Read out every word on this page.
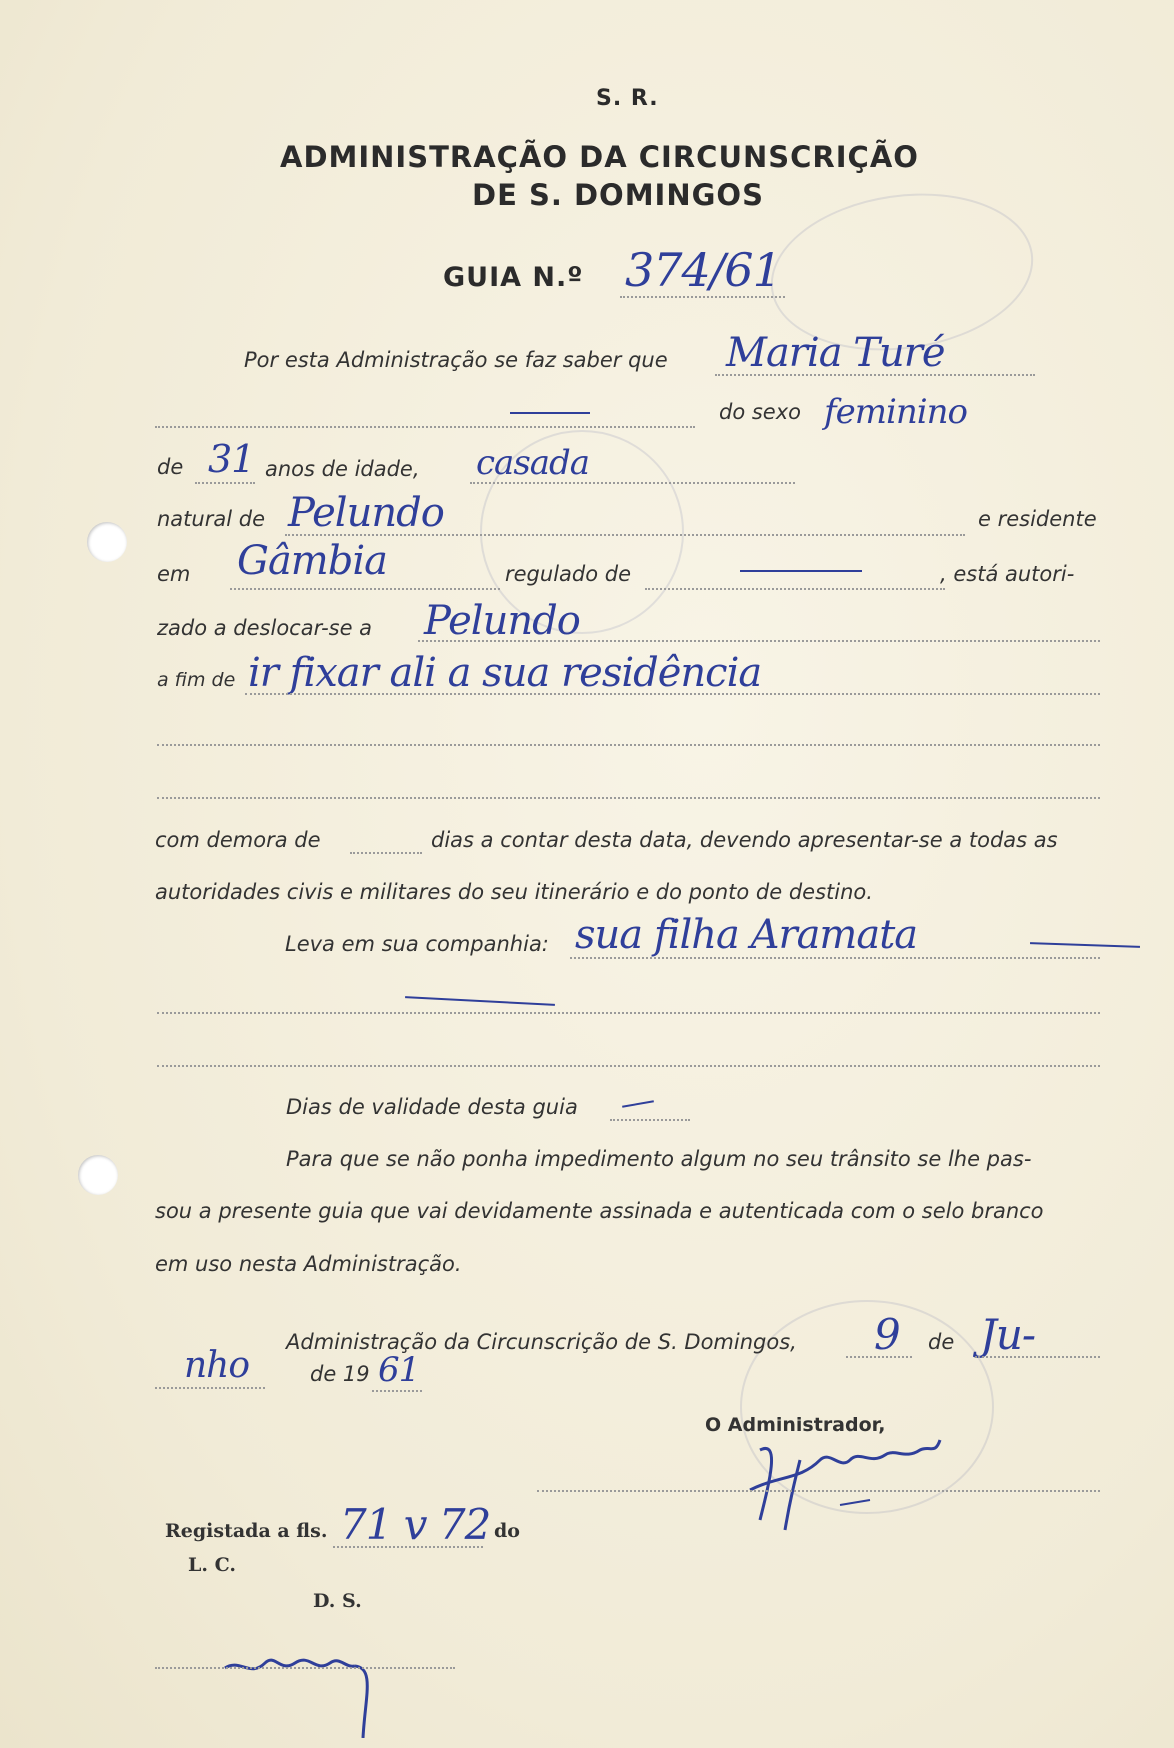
S. R.
ADMINISTRAÇÃO DA CIRCUNSCRIÇÃO
DE S. DOMINGOS
GUIA N.º 374/61
Por esta Administração se faz saber que Maria Turé
do sexo feminino
de 31 anos de idade, casada
natural de Pelundo	e residente
em Gâmbia	regulado de	, está autori-
zado a deslocar-se a Pelundo
a fim de ir fixar ali a sua residência
com demora de	dias a contar desta data, devendo apresentar-se a todas as
autoridades civis e militares do seu itinerário e do ponto de destino.
Leva em sua companhia: sua filha Aramata
Dias de validade desta guia
Para que se não ponha impedimento algum no seu trânsito se lhe pas-
sou a presente guia que vai devidamente assinada e autenticada com o selo branco
em uso nesta Administração.
Administração da Circunscrição de S. Domingos, 9 de Ju-
nho	de 19 61
O Administrador,
Registada a fls. 71 v 72 do
L. C.
D. S.
